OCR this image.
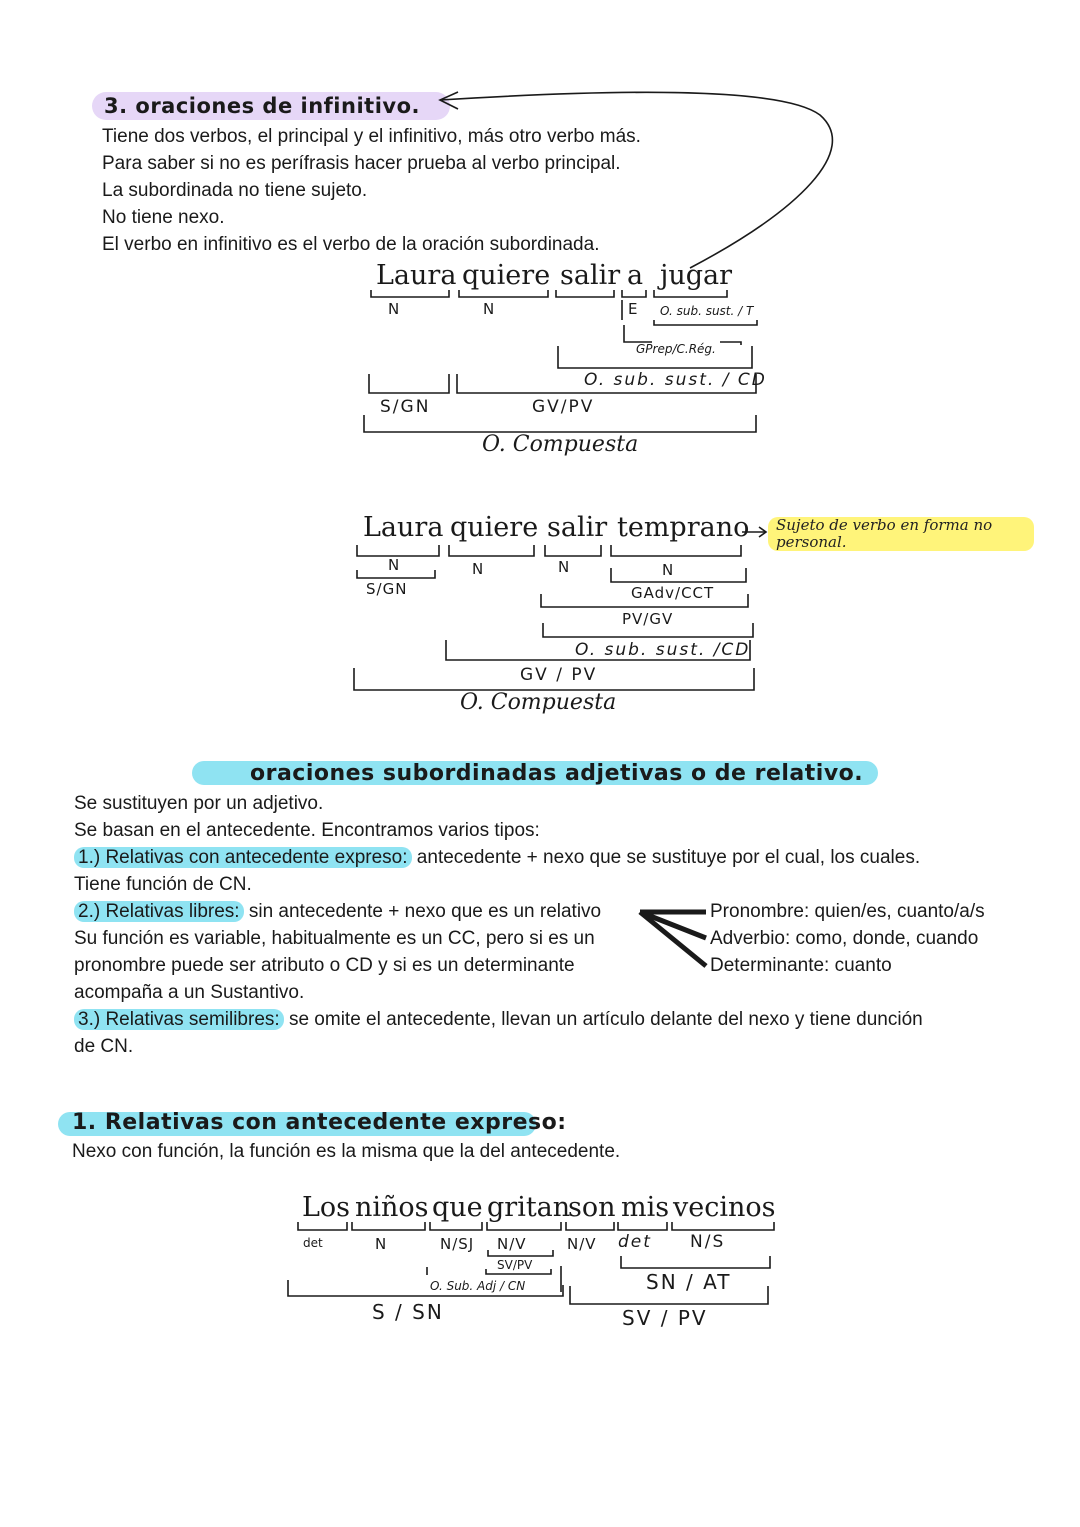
3. oraciones de infinitivo.
Tiene dos verbos, el principal y el infinitivo, más otro verbo más.
Para saber si no es perífrasis hacer prueba al verbo principal.
La subordinada no tiene sujeto.
No tiene nexo.
El verbo en infinitivo es el verbo de la oración subordinada.
Laura quiere salir a jugar
N	N	E O. sub. sust. / T
GPrep/C.Rég.
O. sub. sust. / CD
S/GN	GV/PV
O. Compuesta
Laura quiere salir temprano
N
S/GN
N	N	N
GAdv/CCT
PV/GV
O. sub. sust. /CD
GV / PV
O. Compuesta
Sujeto de verbo en forma no personal.
oraciones subordinadas adjetivas o de relativo.
Se sustituyen por un adjetivo.
Se basan en el antecedente. Encontramos varios tipos:
1.) Relativas con antecedente expreso: antecedente + nexo que se sustituye por el cual, los cuales.
Tiene función de CN.
2.) Relativas libres: sin antecedente + nexo que es un relativo
Su función es variable, habitualmente es un CC, pero si es un
pronombre puede ser atributo o CD y si es un determinante
acompaña a un Sustantivo.
3.) Relativas semilibres: se omite el antecedente, llevan un artículo delante del nexo y tiene dunción
de CN.
Pronombre: quien/es, cuanto/a/s
Adverbio: como, donde, cuando
Determinante: cuanto
1. Relativas con antecedente expreso:
Nexo con función, la función es la misma que la del antecedente.
Los niños que gritan
son mis vecinos
det	N	N/SJ N/V
SV/PV
N/V det N/S
O. Sub. Adj / CN	SN / AT
S / SN	SV / PV
